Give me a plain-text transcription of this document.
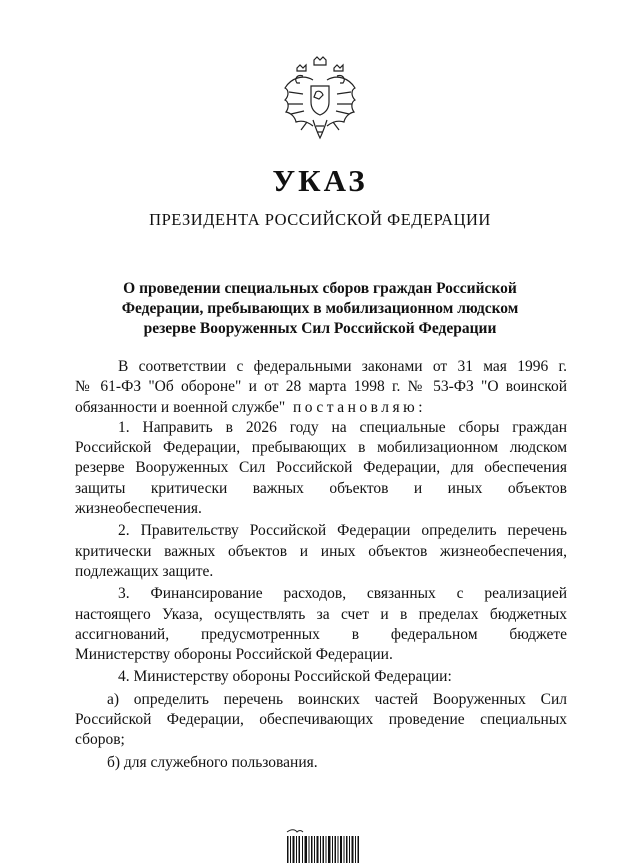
УКАЗ
ПРЕЗИДЕНТА РОССИЙСКОЙ ФЕДЕРАЦИИ
О проведении специальных сборов граждан Российской
Федерации, пребывающих в мобилизационном людском
резерве Вооруженных Сил Российской Федерации
В соответствии с федеральными законами от 31 мая 1996 г.
№ 61-ФЗ "Об обороне" и от 28 марта 1998 г. № 53-ФЗ "О воинской
обязанности и военной службе" постановляю:
1. Направить в 2026 году на специальные сборы граждан
Российской Федерации, пребывающих в мобилизационном людском
резерве Вооруженных Сил Российской Федерации, для обеспечения
защиты критически важных объектов и иных объектов
жизнеобеспечения.
2. Правительству Российской Федерации определить перечень
критически важных объектов и иных объектов жизнеобеспечения,
подлежащих защите.
3. Финансирование расходов, связанных с реализацией
настоящего Указа, осуществлять за счет и в пределах бюджетных
ассигнований, предусмотренных в федеральном бюджете
Министерству обороны Российской Федерации.
4. Министерству обороны Российской Федерации:
а) определить перечень воинских частей Вооруженных Сил
Российской Федерации, обеспечивающих проведение специальных
сборов;
б) для служебного пользования.
